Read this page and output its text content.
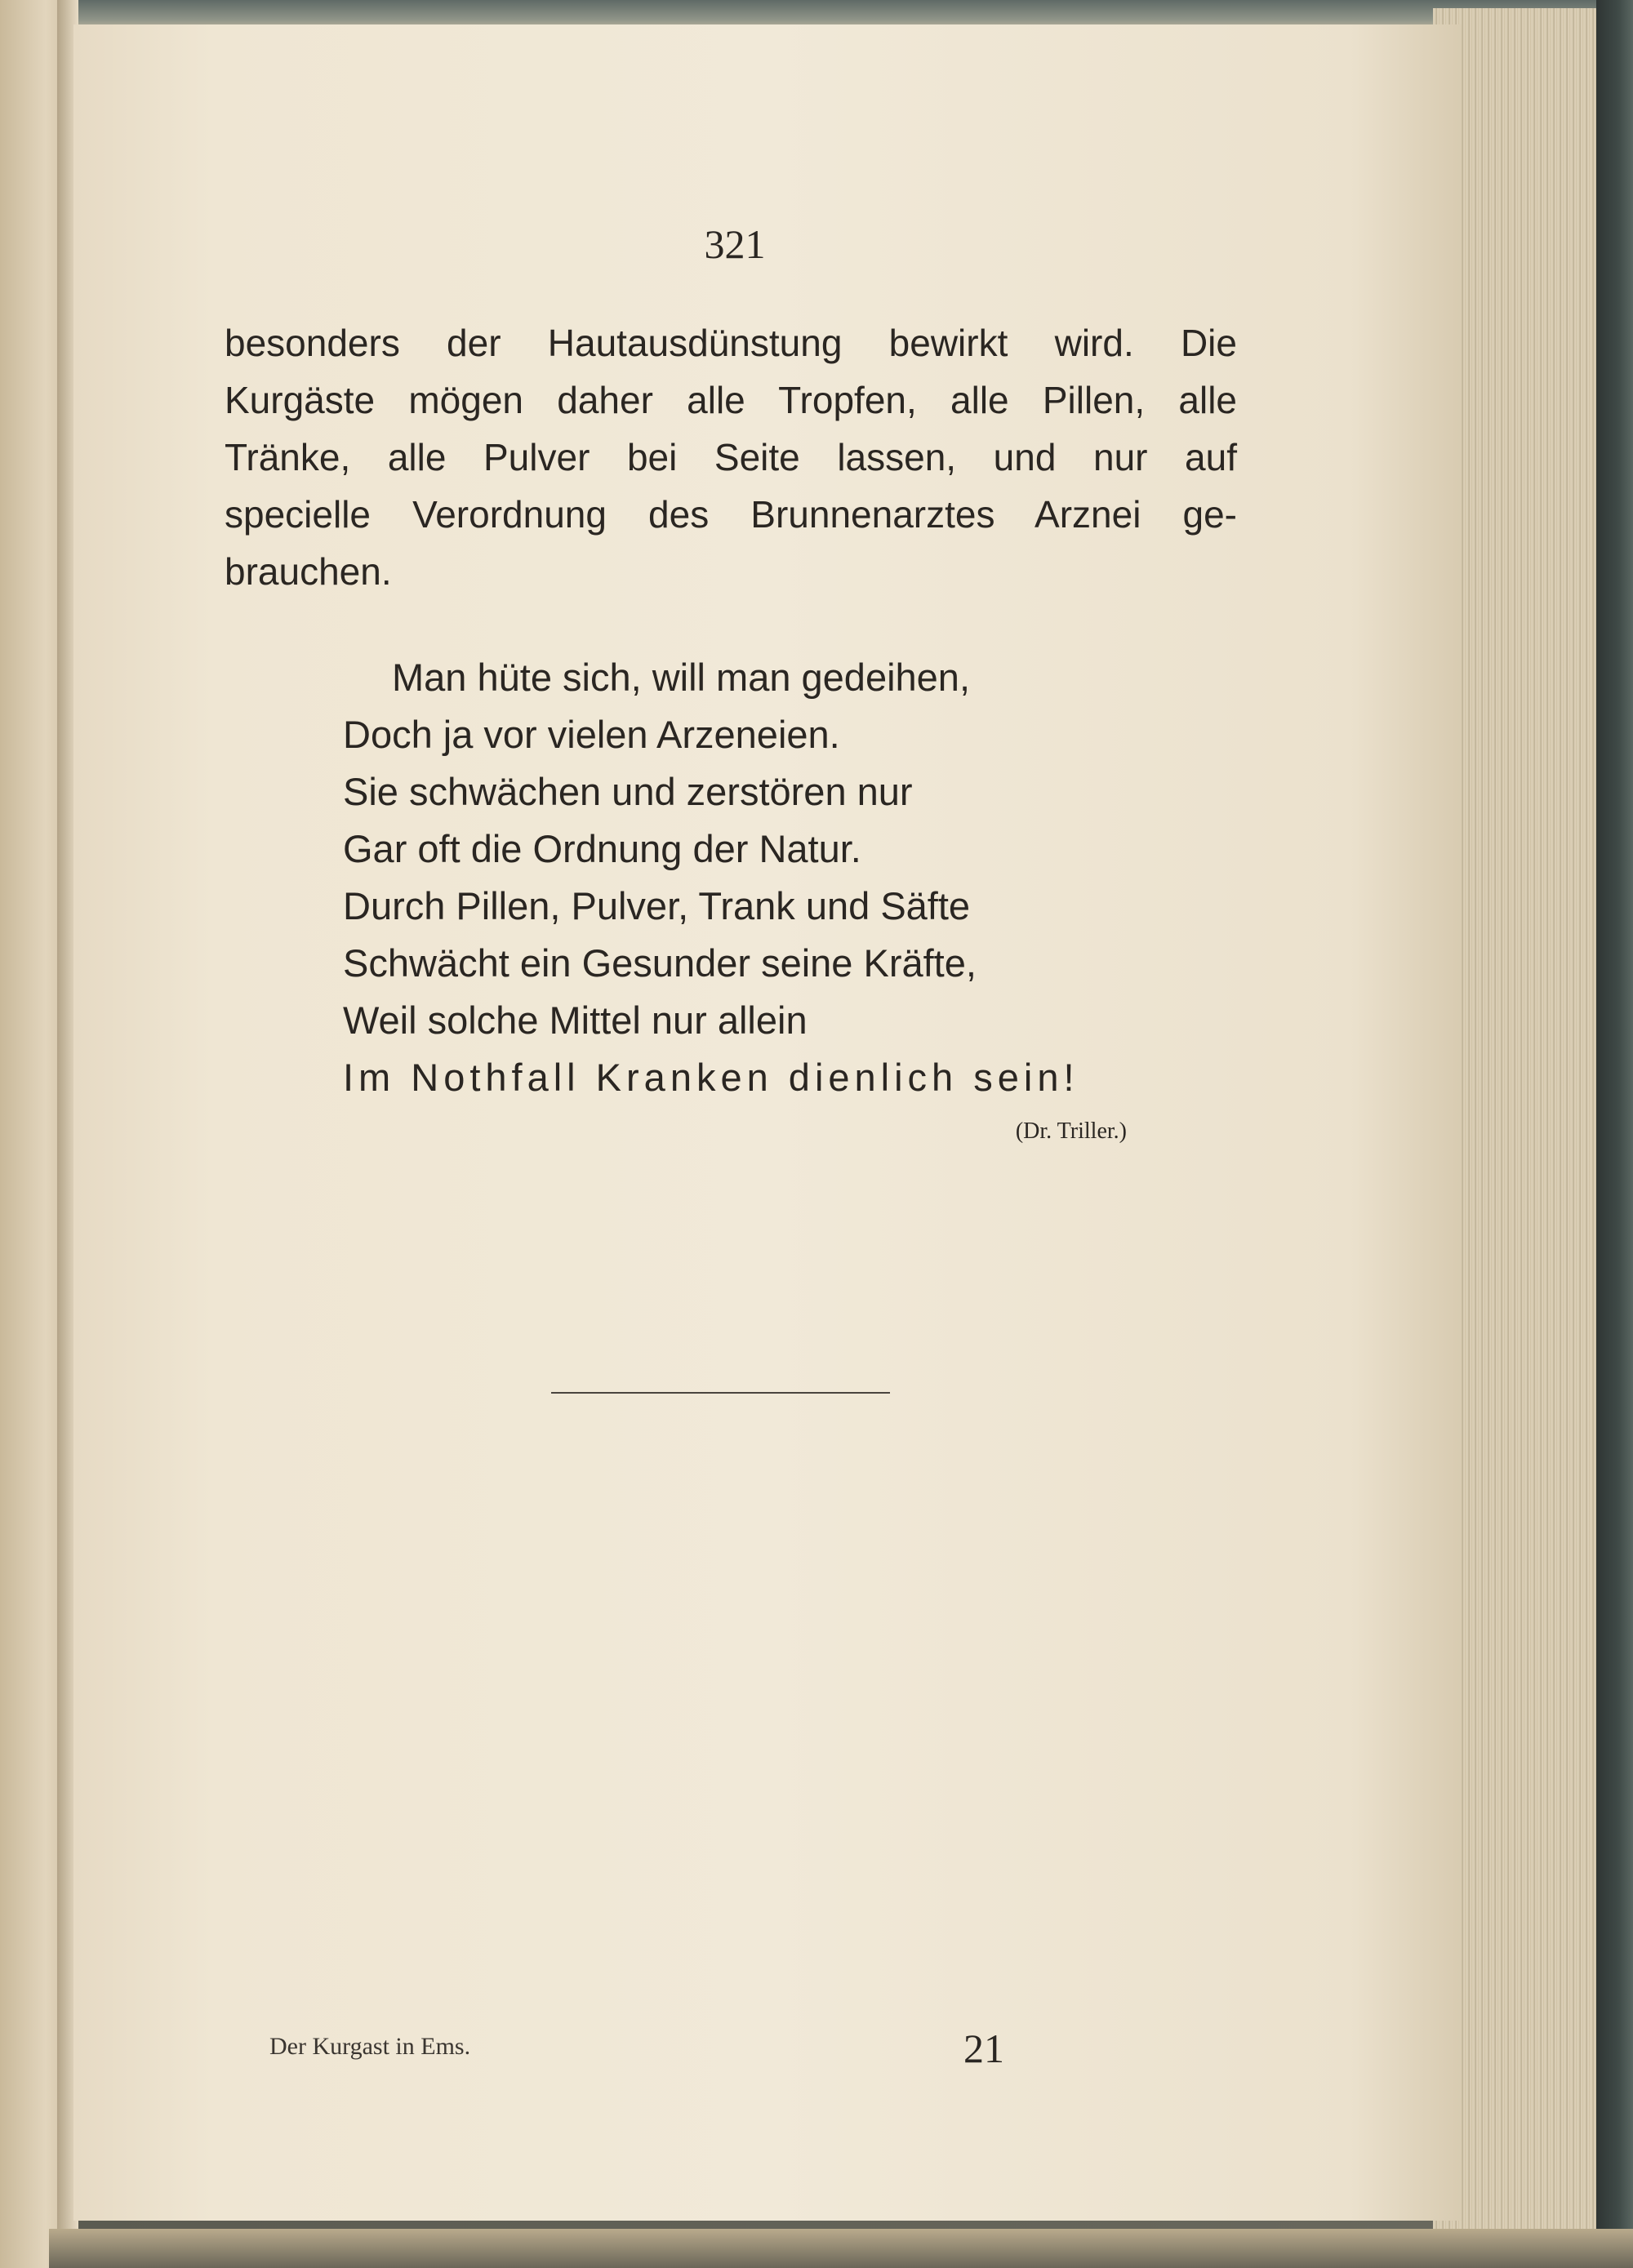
321

besonders der Hautausdünstung bewirkt wird. Die
Kurgäste mögen daher alle Tropfen, alle Pillen, alle
Tränke, alle Pulver bei Seite lassen, und nur auf
specielle Verordnung des Brunnenarztes Arznei ge-
brauchen.
Man hüte sich, will man gedeihen,
Doch ja vor vielen Arzeneien.
Sie schwächen und zerstören nur
Gar oft die Ordnung der Natur.
Durch Pillen, Pulver, Trank und Säfte
Schwächt ein Gesunder seine Kräfte,
Weil solche Mittel nur allein
Im Nothfall Kranken dienlich sein!

(Dr. Triller.)

Der Kurgast in Ems.	21
